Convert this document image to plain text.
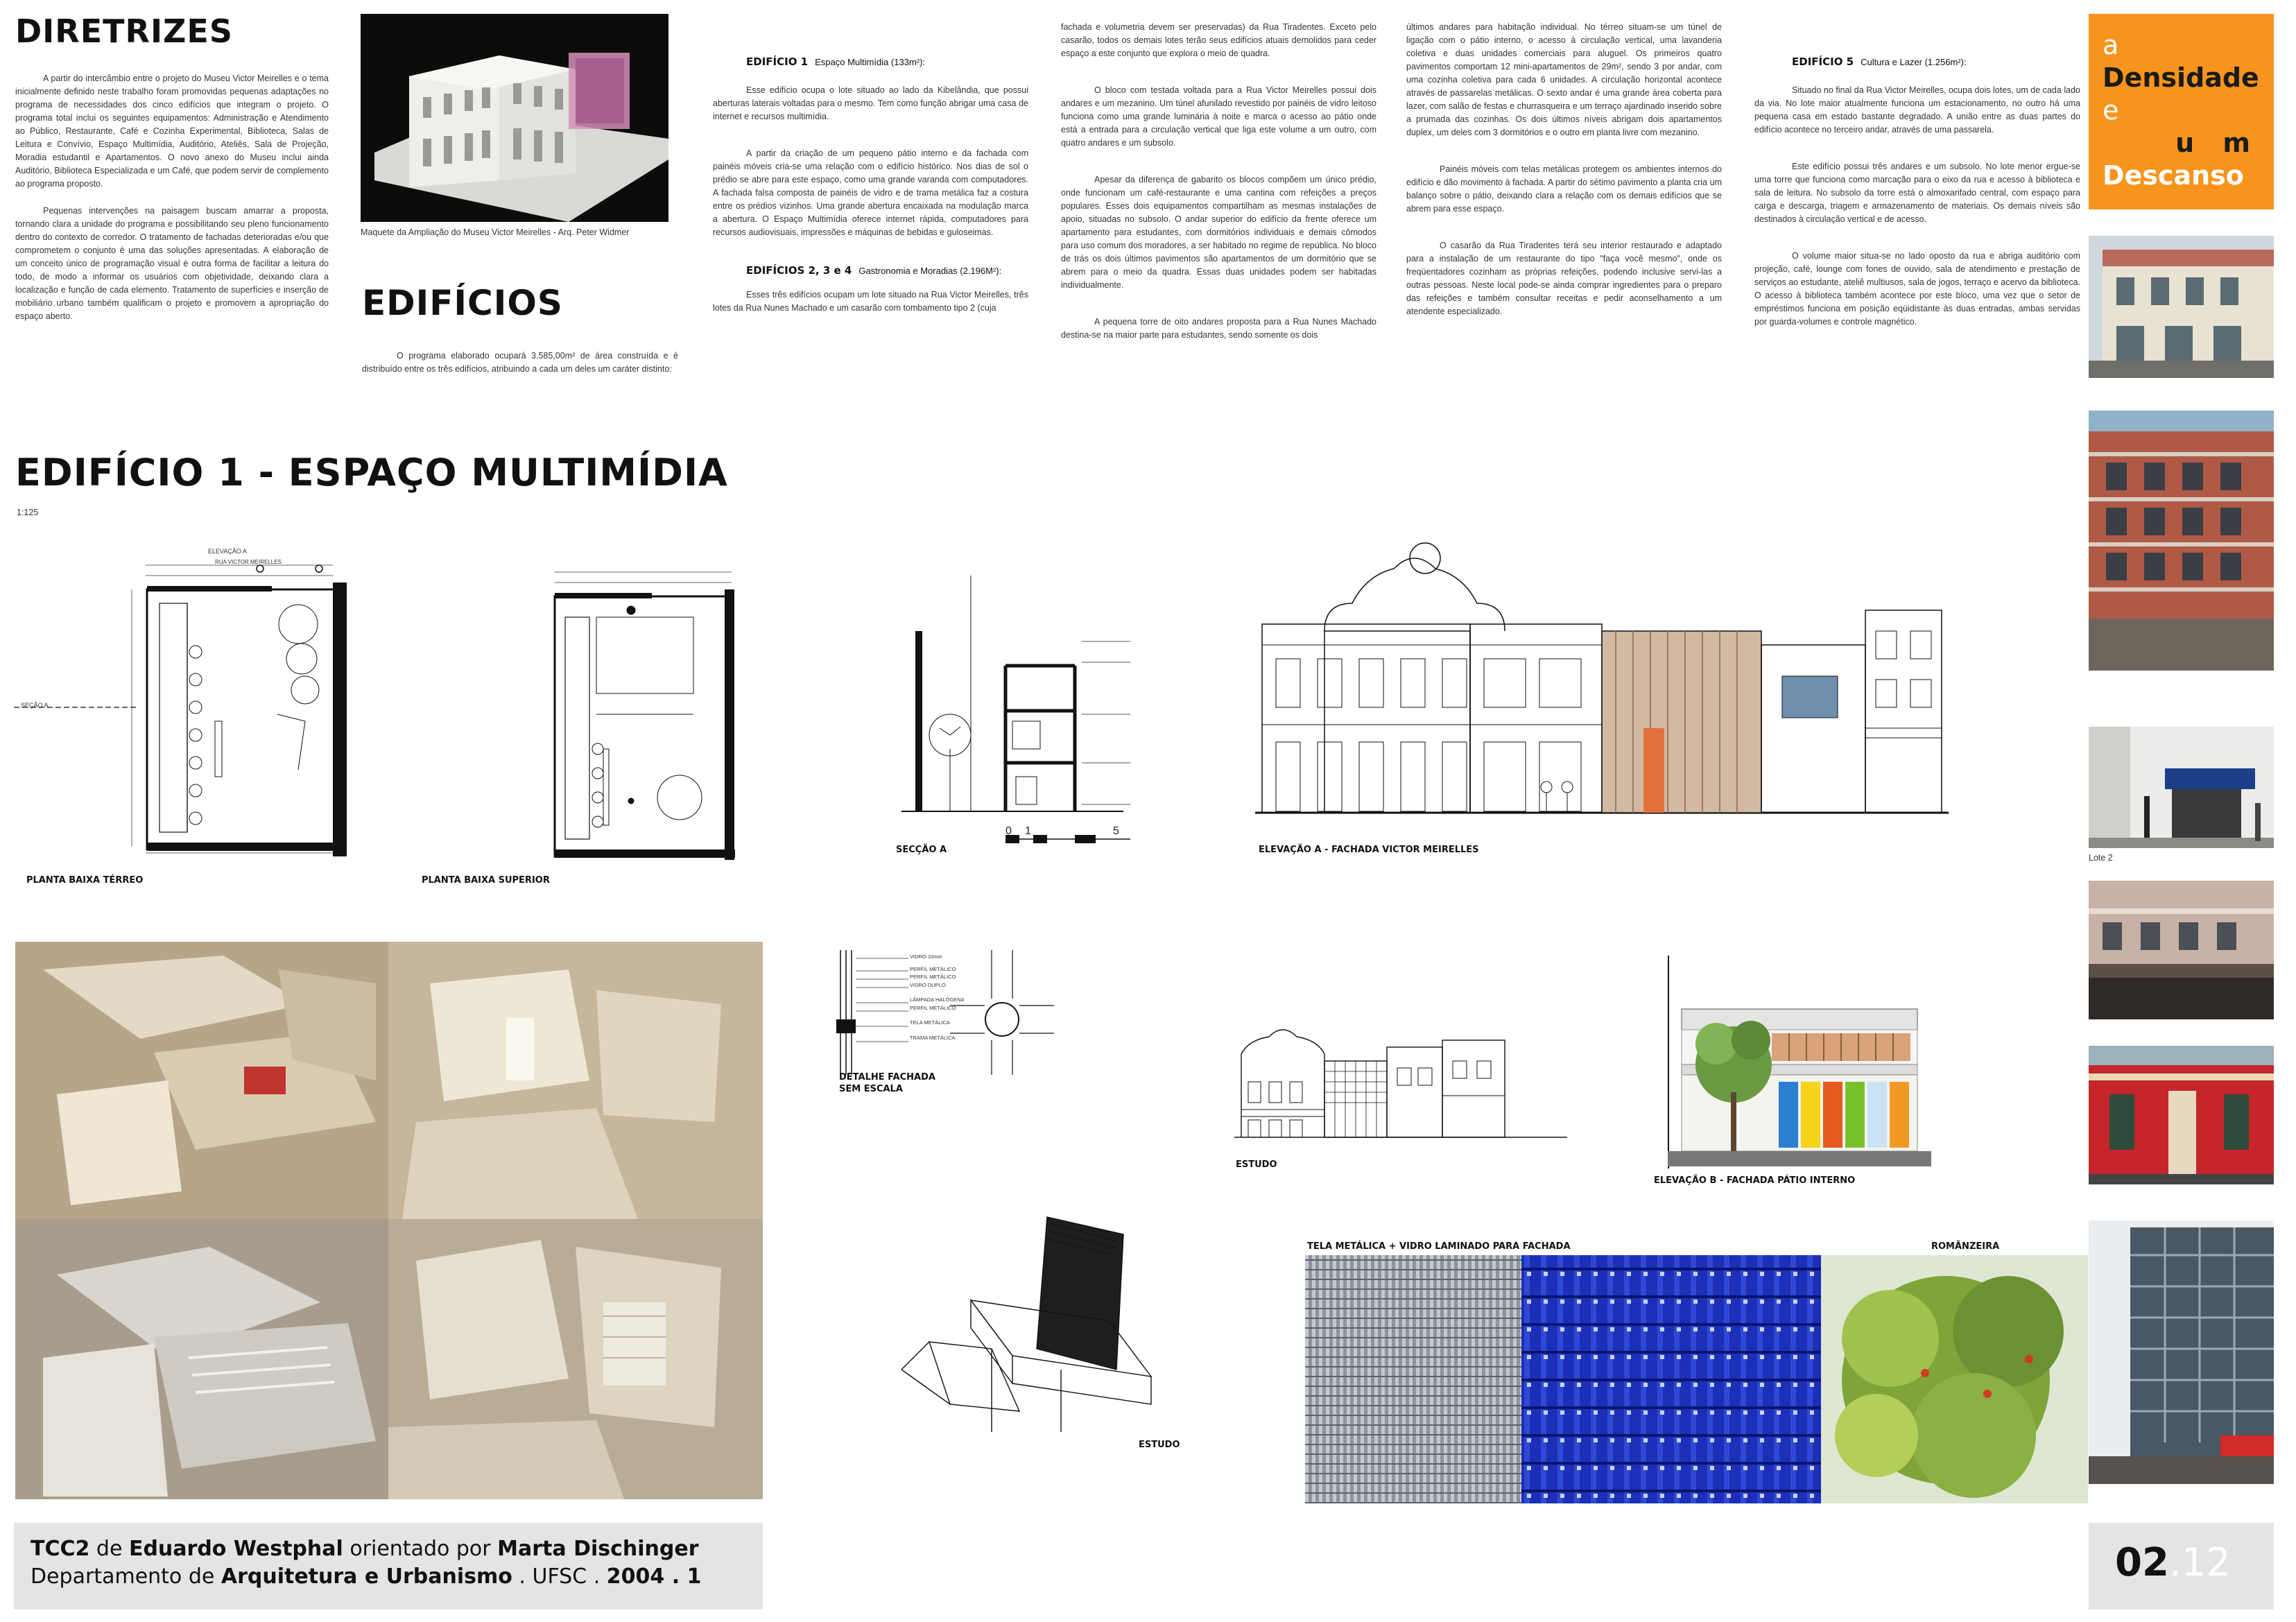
DIRETRIZES

A partir do intercâmbio entre o projeto do Museu Victor Meirelles e o tema inicialmente definido neste trabalho foram promovidas pequenas adaptações no programa de necessidades dos cinco edifícios que integram o projeto. O programa total inclui os seguintes equipamentos: Administração e Atendimento ao Público, Restaurante, Café e Cozinha Experimental, Biblioteca, Salas de Leitura e Convívio, Espaço Multimídia, Auditório, Ateliês, Sala de Projeção, Moradia estudantil e Apartamentos. O novo anexo do Museu inclui ainda Auditório, Biblioteca Especializada e um Café, que podem servir de complemento ao programa proposto.

Pequenas intervenções na paisagem buscam amarrar a proposta, tornando clara a unidade do programa e possibilitando seu pleno funcionamento dentro do contexto de corredor. O tratamento de fachadas deterioradas e/ou que comprometem o conjunto é uma das soluções apresentadas. A elaboração de um conceito único de programação visual é outra forma de facilitar a leitura do todo, de modo a informar os usuários com objetividade, deixando clara a localização e função de cada elemento. Tratamento de superfícies e inserção de mobiliário urbano também qualificam o projeto e promovem a apropriação do espaço aberto.

Maquete da Ampliação do Museu Victor Meirelles - Arq. Peter Widmer
EDIFÍCIOS

O programa elaborado ocupará 3.585,00m² de área construída e é distribuído entre os três edifícios, atribuindo a cada um deles um caráter distinto:

EDIFÍCIO 1 Espaço Multimídia (133m²):

Esse edifício ocupa o lote situado ao lado da Kibelândia, que possui aberturas laterais voltadas para o mesmo. Tem como função abrigar uma casa de internet e recursos multimídia.

A partir da criação de um pequeno pátio interno e da fachada com painéis móveis cria-se uma relação com o edifício histórico. Nos dias de sol o prédio se abre para este espaço, como uma grande varanda com computadores. A fachada falsa composta de painéis de vidro e de trama metálica faz a costura entre os prédios vizinhos. Uma grande abertura encaixada na modulação marca a abertura. O Espaço Multimídia oferece internet rápida, computadores para recursos audiovisuais, impressões e máquinas de bebidas e guloseimas.

EDIFÍCIOS 2, 3 e 4 Gastronomia e Moradias (2.196M²):

Esses três edifícios ocupam um lote situado na Rua Victor Meirelles, três lotes da Rua Nunes Machado e um casarão com tombamento tipo 2 (cuja

fachada e volumetria devem ser preservadas) da Rua Tiradentes. Exceto pelo casarão, todos os demais lotes terão seus edifícios atuais demolidos para ceder espaço a este conjunto que explora o meio de quadra.

O bloco com testada voltada para a Rua Victor Meirelles possui dois andares e um mezanino. Um túnel afunilado revestido por painéis de vidro leitoso funciona como uma grande luminária à noite e marca o acesso ao pátio onde está a entrada para a circulação vertical que liga este volume a um outro, com quatro andares e um subsolo.

Apesar da diferença de gabarito os blocos compõem um único prédio, onde funcionam um café-restaurante e uma cantina com refeições a preços populares. Esses dois equipamentos compartilham as mesmas instalações de apoio, situadas no subsolo. O andar superior do edifício da frente oferece um apartamento para estudantes, com dormitórios individuais e demais cômodos para uso comum dos moradores, a ser habitado no regime de república. No bloco de trás os dois últimos pavimentos são apartamentos de um dormitório que se abrem para o meio da quadra. Essas duas unidades podem ser habitadas individualmente.

A pequena torre de oito andares proposta para a Rua Nunes Machado destina-se na maior parte para estudantes, sendo somente os dois

últimos andares para habitação individual. No térreo situam-se um túnel de ligação com o pátio interno, o acesso à circulação vertical, uma lavanderia coletiva e duas unidades comerciais para aluguel. Os primeiros quatro pavimentos comportam 12 mini-apartamentos de 29m², sendo 3 por andar, com uma cozinha coletiva para cada 6 unidades. A circulação horizontal acontece através de passarelas metálicas. O sexto andar é uma grande área coberta para lazer, com salão de festas e churrasqueira e um terraço ajardinado inserido sobre a prumada das cozinhas. Os dois últimos níveis abrigam dois apartamentos duplex, um deles com 3 dormitórios e o outro em planta livre com mezanino.

Painéis móveis com telas metálicas protegem os ambientes internos do edifício e dão movimento à fachada. A partir do sétimo pavimento a planta cria um balanço sobre o pátio, deixando clara a relação com os demais edifícios que se abrem para esse espaço.

O casarão da Rua Tiradentes terá seu interior restaurado e adaptado para a instalação de um restaurante do tipo "faça você mesmo", onde os freqüentadores cozinham as próprias refeições, podendo inclusive servi-las a outras pessoas. Neste local pode-se ainda comprar ingredientes para o preparo das refeições e também consultar receitas e pedir aconselhamento a um atendente especializado.

EDIFÍCIO 5 Cultura e Lazer (1.256m²):

Situado no final da Rua Victor Meirelles, ocupa dois lotes, um de cada lado da via. No lote maior atualmente funciona um estacionamento, no outro há uma pequena casa em estado bastante degradado. A união entre as duas partes do edifício acontece no terceiro andar, através de uma passarela.

Este edifício possui três andares e um subsolo. No lote menor ergue-se uma torre que funciona como marcação para o eixo da rua e acesso à biblioteca e sala de leitura. No subsolo da torre está o almoxarifado central, com espaço para carga e descarga, triagem e armazenamento de materiais. Os demais níveis são destinados à circulação vertical e de acesso.

O volume maior situa-se no lado oposto da rua e abriga auditório com projeção, café, lounge com fones de ouvido, sala de atendimento e prestação de serviços ao estudante, ateliê multiusos, sala de jogos, terraço e acervo da biblioteca. O acesso à biblioteca também acontece por este bloco, uma vez que o setor de empréstimos funciona em posição eqüidistante às duas entradas, ambas servidas por guarda-volumes e controle magnético.

a
Densidade
e
u m
Descanso
Lote 2
EDIFÍCIO 1 - ESPAÇO MULTIMÍDIA
1:125
SEÇÃO A
ELEVAÇÃO A
RUA VICTOR MEIRELLES
PLANTA BAIXA TÉRREO	PLANTA BAIXA SUPERIOR
0 1	5
SECÇÃO A	ELEVAÇÃO A - FACHADA VICTOR MEIRELLES
VIDRO 10mm
PERFIL METÁLICO
PERFIL METÁLICO
VIDRO DUPLO
LÂMPADA HALÓGENA
PERFIL METÁLICO
TELA METÁLICA
TRAMA METÁLICA
DETALHE FACHADA
SEM ESCALA
ESTUDO
ELEVAÇÃO B - FACHADA PÁTIO INTERNO
ESTUDO
TELA METÁLICA + VIDRO LAMINADO PARA FACHADA	ROMÃNZEIRA
TCC2 de Eduardo Westphal orientado por Marta Dischinger
Departamento de Arquitetura e Urbanismo . UFSC . 2004 . 1	02.12
